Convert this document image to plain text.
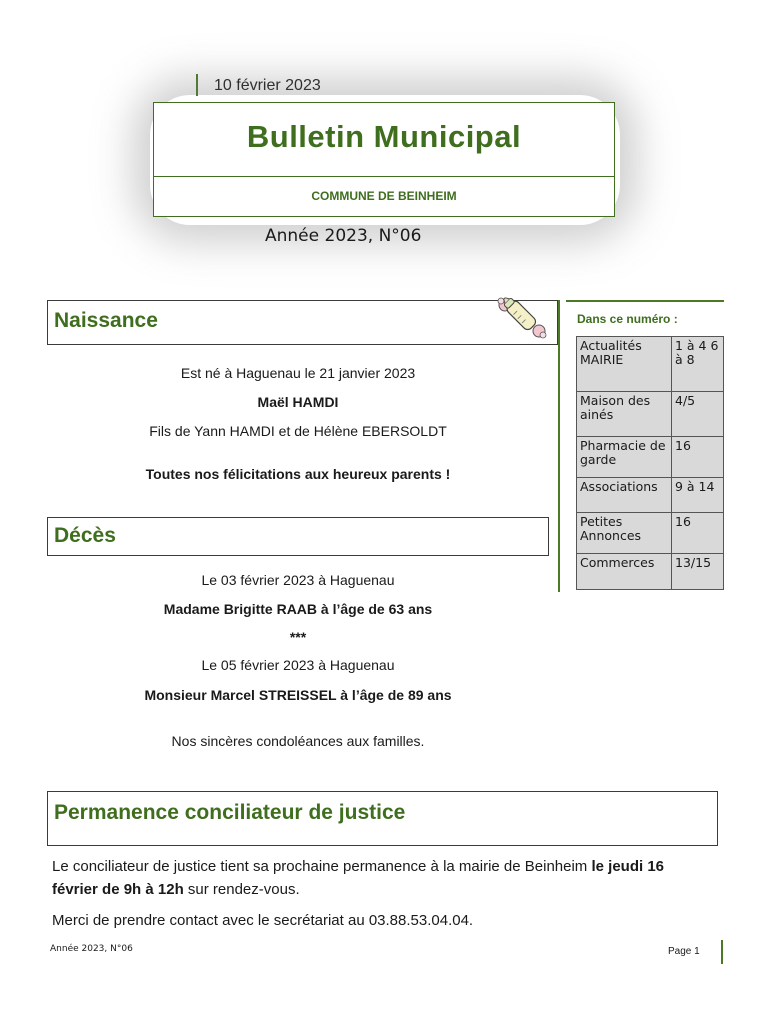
10 février 2023
Bulletin Municipal
COMMUNE DE BEINHEIM
Année 2023, N°06
Naissance
Est né à Haguenau le 21 janvier 2023
Maël HAMDI
Fils de Yann HAMDI et de Hélène EBERSOLDT
Toutes nos félicitations aux heureux parents !
Décès
Le 03 février 2023 à Haguenau
Madame Brigitte RAAB à l’âge de 63 ans
***
Le 05 février 2023 à Haguenau
Monsieur Marcel STREISSEL à l’âge de 89 ans
Nos sincères condoléances aux familles.
Dans ce numéro :
Actualités MAIRIE	1 à 4 6 à 8
Maison des ainés	4/5
Pharmacie de garde	16
Associations	9 à 14
Petites Annonces	16
Commerces	13/15
Permanence conciliateur de justice
Le conciliateur de justice tient sa prochaine permanence à la mairie de Beinheim le jeudi 16 février de 9h à 12h sur rendez-vous.
Merci de prendre contact avec le secrétariat au 03.88.53.04.04.
Année 2023, N°06	Page 1
